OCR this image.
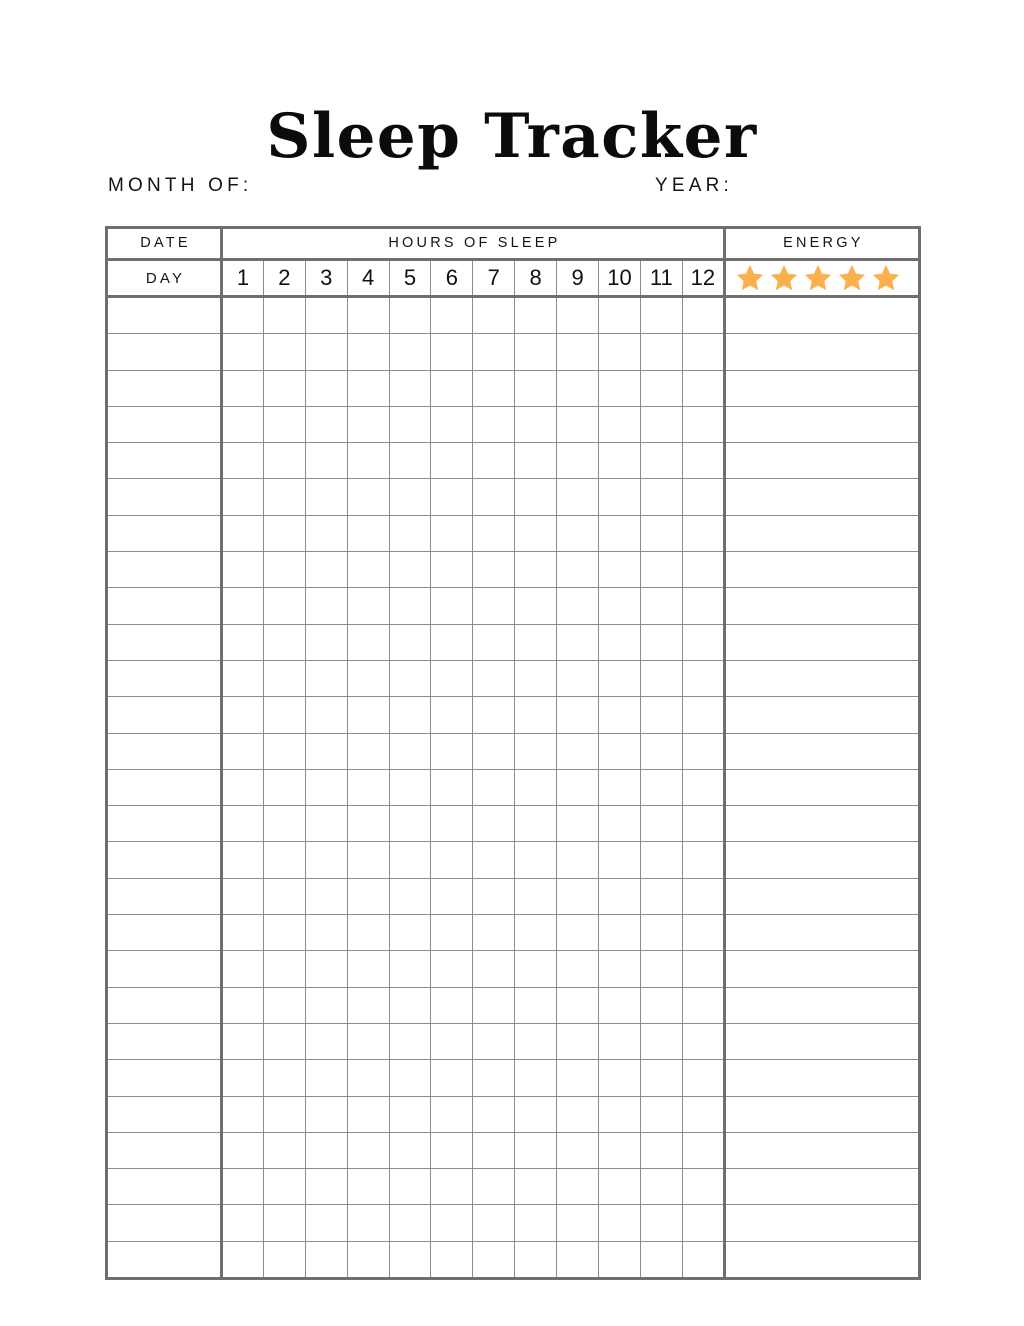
Sleep Tracker
MONTH OF:	YEAR:
DATE	HOURS OF SLEEP												ENERGY

DAY	1	2	3	4	5	6	7	8	9	10	11	12
